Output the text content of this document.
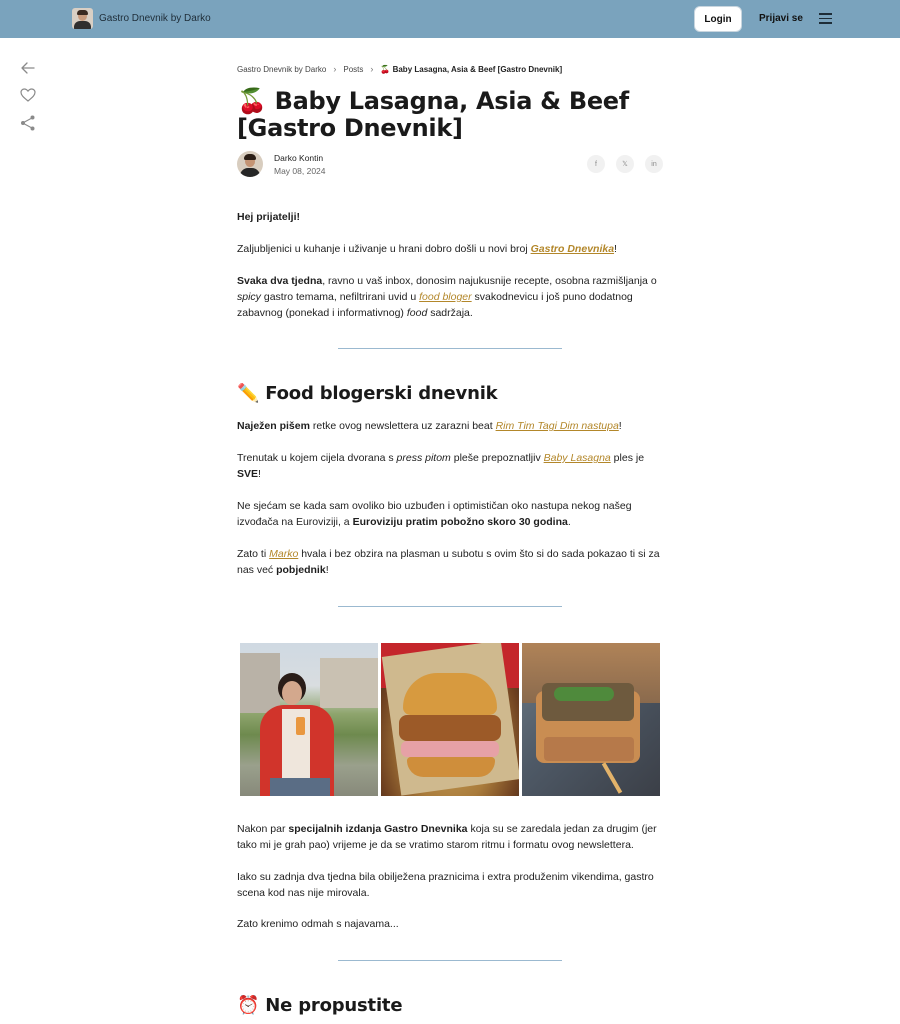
Gastro Dnevnik by Darko	Login	Prijavi se
Gastro Dnevnik by Darko › Posts › 🍒 Baby Lasagna, Asia & Beef [Gastro Dnevnik]
🍒 Baby Lasagna, Asia & Beef [Gastro Dnevnik]
Darko Kontin
May 08, 2024
f	𝕏	in

Hej prijatelji!

Zaljubljenici u kuhanje i uživanje u hrani dobro došli u novi broj Gastro Dnevnika!

Svaka dva tjedna, ravno u vaš inbox, donosim najukusnije recepte, osobna razmišljanja o spicy gastro temama, nefiltrirani uvid u food bloger svakodnevicu i još puno dodatnog zabavnog (ponekad i informativnog) food sadržaja.

✏️ Food blogerski dnevnik

Naježen pišem retke ovog newslettera uz zarazni beat Rim Tim Tagi Dim nastupa!

Trenutak u kojem cijela dvorana s press pitom pleše prepoznatljiv Baby Lasagna ples je SVE!

Ne sjećam se kada sam ovoliko bio uzbuđen i optimističan oko nastupa nekog našeg izvođača na Euroviziji, a Euroviziju pratim pobožno skoro 30 godina.

Zato ti Marko hvala i bez obzira na plasman u subotu s ovim što si do sada pokazao ti si za nas već pobjednik!

Nakon par specijalnih izdanja Gastro Dnevnika koja su se zaredala jedan za drugim (jer tako mi je grah pao) vrijeme je da se vratimo starom ritmu i formatu ovog newslettera.

Iako su zadnja dva tjedna bila obilježena praznicima i extra produženim vikendima, gastro scena kod nas nije mirovala.

Zato krenimo odmah s najavama...

⏰ Ne propustite
